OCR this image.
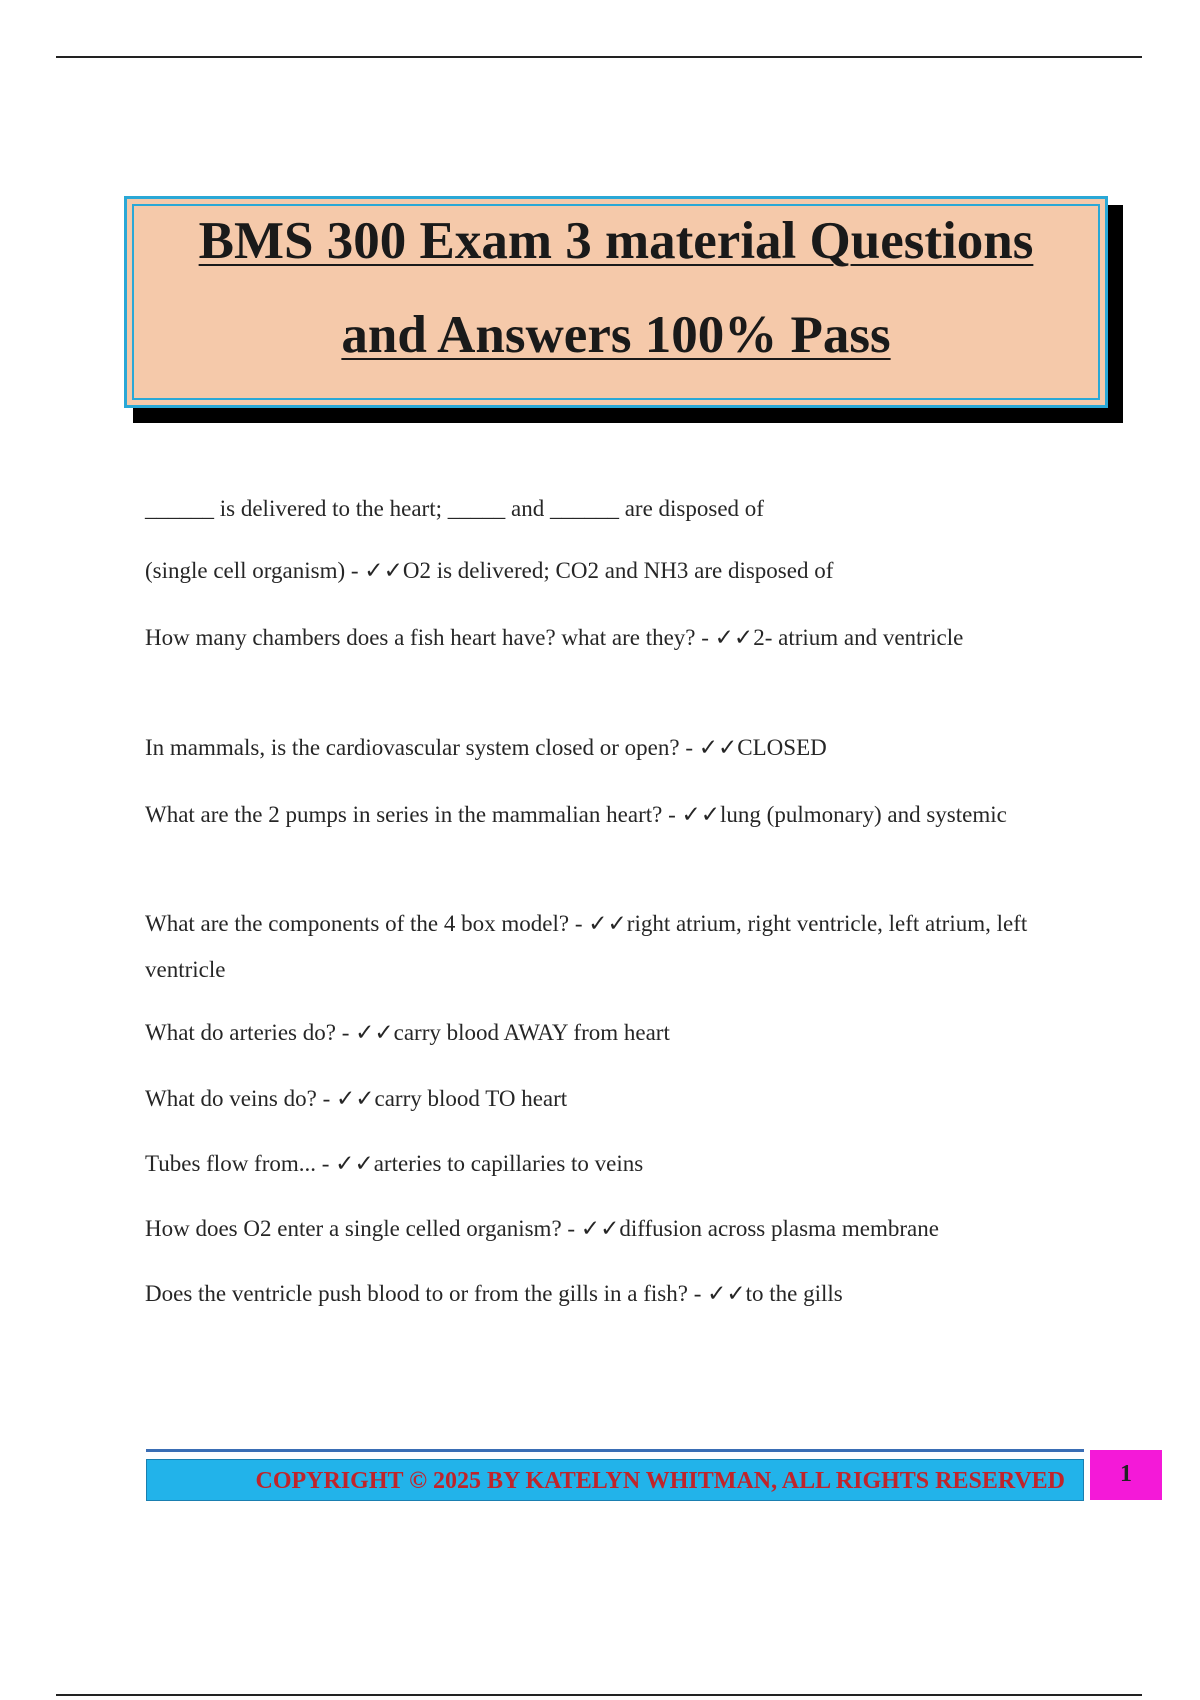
BMS 300 Exam 3 material Questions
and Answers 100% Pass
______ is delivered to the heart; _____ and ______ are disposed of
(single cell organism) - ✓✓O2 is delivered; CO2 and NH3 are disposed of
How many chambers does a fish heart have? what are they? - ✓✓2- atrium and ventricle
In mammals, is the cardiovascular system closed or open? - ✓✓CLOSED
What are the 2 pumps in series in the mammalian heart? - ✓✓lung (pulmonary) and systemic
What are the components of the 4 box model? - ✓✓right atrium, right ventricle, left atrium, left ventricle
What do arteries do? - ✓✓carry blood AWAY from heart
What do veins do? - ✓✓carry blood TO heart
Tubes flow from... - ✓✓arteries to capillaries to veins
How does O2 enter a single celled organism? - ✓✓diffusion across plasma membrane
Does the ventricle push blood to or from the gills in a fish? - ✓✓to the gills
COPYRIGHT © 2025 BY KATELYN WHITMAN, ALL RIGHTS RESERVED	1
